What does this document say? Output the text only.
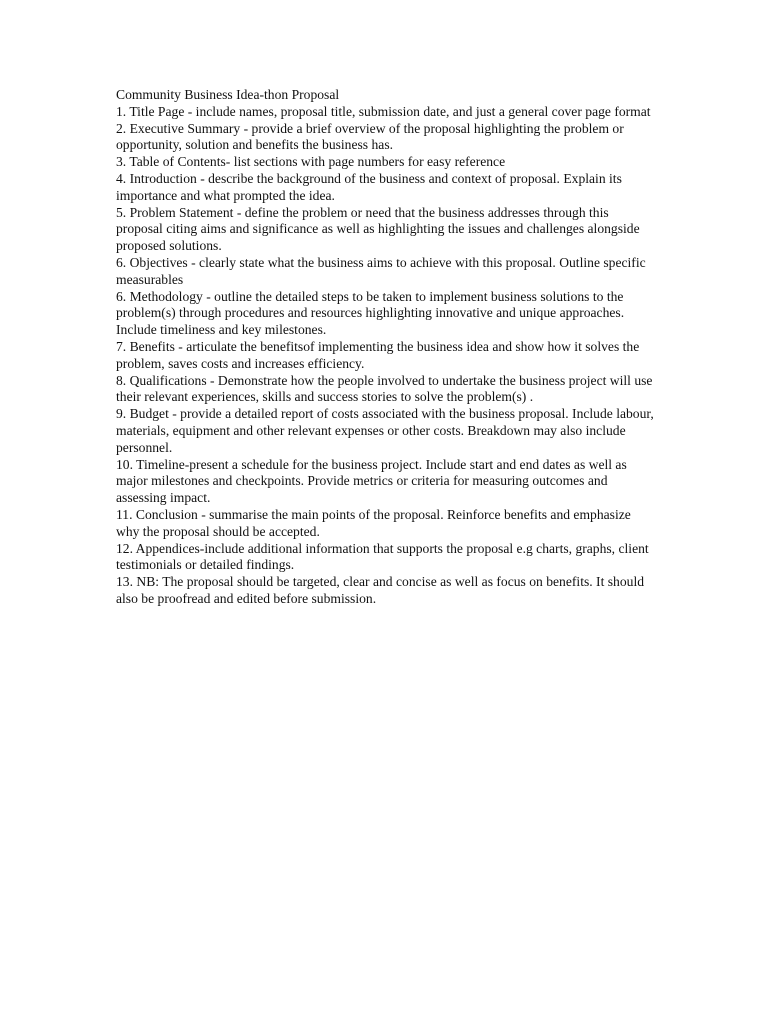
Community Business Idea-thon Proposal

1. Title Page - include names, proposal title, submission date, and just a general cover page format

2. Executive Summary - provide a brief overview of the proposal highlighting the problem or opportunity, solution and benefits the business has.

3. Table of Contents- list sections with page numbers for easy reference

4. Introduction - describe the background of the business and context of proposal. Explain its importance and what prompted the idea.

5. Problem Statement - define the problem or need that the business addresses through this proposal citing aims and significance as well as highlighting the issues and challenges alongside proposed solutions.

6. Objectives - clearly state what the business aims to achieve with this proposal. Outline specific measurables

6. Methodology - outline the detailed steps to be taken to implement business solutions to the problem(s) through procedures and resources highlighting innovative and unique approaches. Include timeliness and key milestones.

7. Benefits - articulate the benefitsof implementing the business idea and show how it solves the problem, saves costs and increases efficiency.

8. Qualifications - Demonstrate how the people involved to undertake the business project will use their relevant experiences, skills and success stories to solve the problem(s) .

9. Budget - provide a detailed report of costs associated with the business proposal. Include labour, materials, equipment and other relevant expenses or other costs. Breakdown may also include personnel.

10. Timeline-present a schedule for the business project. Include start and end dates as well as major milestones and checkpoints. Provide metrics or criteria for measuring outcomes and assessing impact.

11. Conclusion - summarise the main points of the proposal. Reinforce benefits and emphasize why the proposal should be accepted.

12. Appendices-include additional information that supports the proposal e.g charts, graphs, client testimonials or detailed findings.

13. NB: The proposal should be targeted, clear and concise as well as focus on benefits. It should also be proofread and edited before submission.
